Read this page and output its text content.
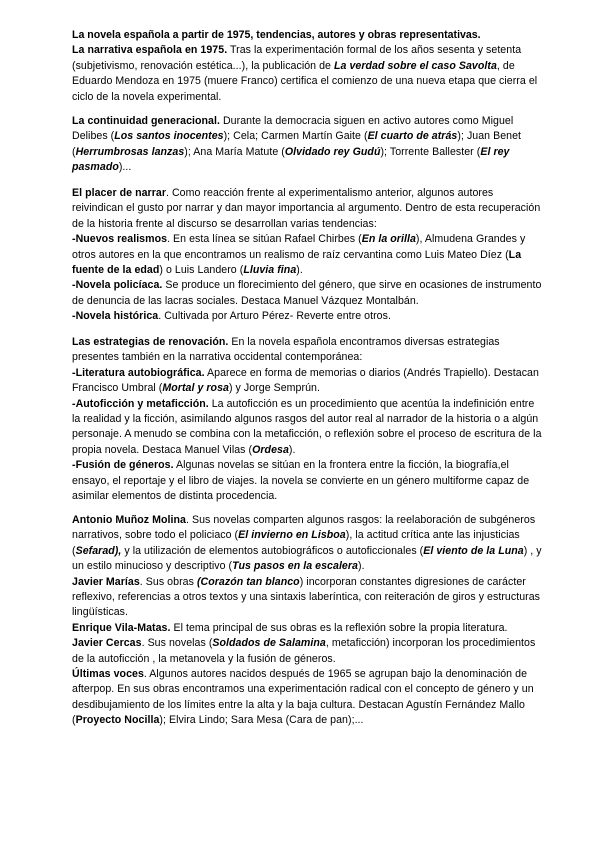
La novela española a partir de 1975, tendencias, autores y obras representativas.

La narrativa española en 1975. Tras la experimentación formal de los años sesenta y setenta (subjetivismo, renovación estética...), la publicación de La verdad sobre el caso Savolta, de Eduardo Mendoza en 1975 (muere Franco) certifica el comienzo de una nueva etapa que cierra el ciclo de la novela experimental.

La continuidad generacional. Durante la democracia siguen en activo autores como Miguel Delibes (Los santos inocentes); Cela; Carmen Martín Gaite (El cuarto de atrás); Juan Benet (Herrumbrosas lanzas); Ana María Matute (Olvidado rey Gudú); Torrente Ballester (El rey pasmado)...

El placer de narrar. Como reacción frente al experimentalismo anterior, algunos autores reivindican el gusto por narrar y dan mayor importancia al argumento. Dentro de esta recuperación de la historia frente al discurso se desarrollan varias tendencias:

-Nuevos realismos. En esta línea se sitúan Rafael Chirbes (En la orilla), Almudena Grandes y otros autores en la que encontramos un realismo de raíz cervantina como Luis Mateo Díez (La fuente de la edad) o Luis Landero (Lluvia fina).

-Novela policíaca. Se produce un florecimiento del género, que sirve en ocasiones de instrumento de denuncia de las lacras sociales. Destaca Manuel Vázquez Montalbán.

-Novela histórica. Cultivada por Arturo Pérez- Reverte entre otros.

Las estrategias de renovación. En la novela española encontramos diversas estrategias presentes también en la narrativa occidental contemporánea:

-Literatura autobiográfica. Aparece en forma de memorias o diarios (Andrés Trapiello). Destacan Francisco Umbral (Mortal y rosa) y Jorge Semprún.

-Autoficción y metaficción. La autoficción es un procedimiento que acentúa la indefinición entre la realidad y la ficción, asimilando algunos rasgos del autor real al narrador de la historia o a algún personaje. A menudo se combina con la metaficción, o reflexión sobre el proceso de escritura de la propia novela. Destaca Manuel Vilas (Ordesa).

-Fusión de géneros. Algunas novelas se sitúan en la frontera entre la ficción, la biografía,el ensayo, el reportaje y el libro de viajes. la novela se convierte en un género multiforme capaz de asimilar elementos de distinta procedencia.

Antonio Muñoz Molina. Sus novelas comparten algunos rasgos: la reelaboración de subgéneros narrativos, sobre todo el policiaco (El invierno en Lisboa), la actitud crítica ante las injusticias (Sefarad), y la utilización de elementos autobiográficos o autoficcionales (El viento de la Luna) , y un estilo minucioso y descriptivo (Tus pasos en la escalera).

Javier Marías. Sus obras (Corazón tan blanco) incorporan constantes digresiones de carácter reflexivo, referencias a otros textos y una sintaxis laberíntica, con reiteración de giros y estructuras lingüísticas.

Enrique Vila-Matas. El tema principal de sus obras es la reflexión sobre la propia literatura.

Javier Cercas. Sus novelas (Soldados de Salamina, metaficción) incorporan los procedimientos de la autoficción , la metanovela y la fusión de géneros.

Últimas voces. Algunos autores nacidos después de 1965 se agrupan bajo la denominación de afterpop. En sus obras encontramos una experimentación radical con el concepto de género y un desdibujamiento de los límites entre la alta y la baja cultura. Destacan Agustín Fernández Mallo (Proyecto Nocilla); Elvira Lindo; Sara Mesa (Cara de pan);...
